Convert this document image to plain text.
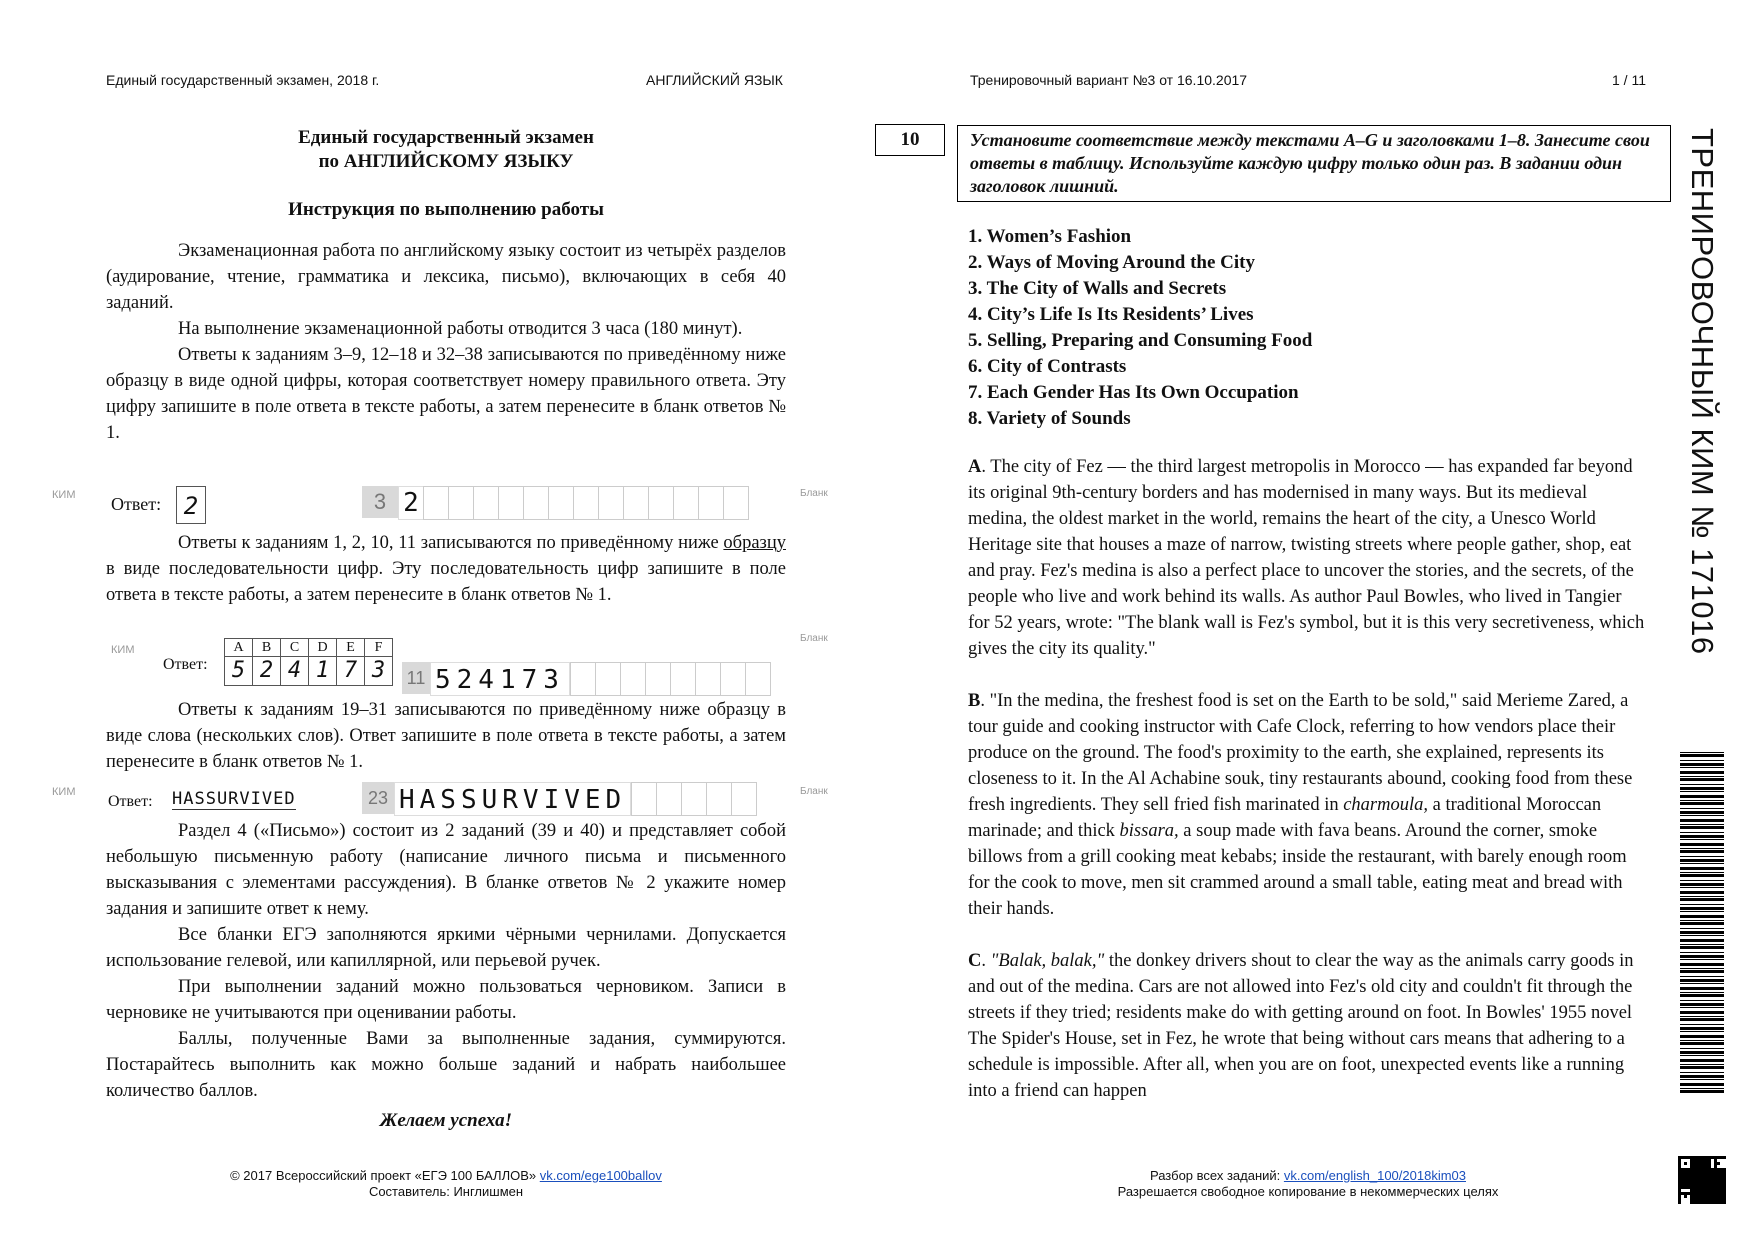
Единый государственный экзамен, 2018 г.	АНГЛИЙСКИЙ ЯЗЫК	Тренировочный вариант №3 от 16.10.2017	1 / 11
Единый государственный экзамен
по АНГЛИЙСКОМУ ЯЗЫКУ
Инструкция по выполнению работы

Экзаменационная работа по английскому языку состоит из четырёх разделов (аудирование, чтение, грамматика и лексика, письмо), включающих в себя 40 заданий.

На выполнение экзаменационной работы отводится 3 часа (180 минут).

Ответы к заданиям 3–9, 12–18 и 32–38 записываются по приведённому ниже образцу в виде одной цифры, которая соответствует номеру правильного ответа. Эту цифру запишите в поле ответа в тексте работы, а затем перенесите в бланк ответов № 1.

КИМ Ответ: 2	3 2	Бланк

Ответы к заданиям 1, 2, 10, 11 записываются по приведённому ниже образцу в виде последовательности цифр. Эту последовательность цифр запишите в поле ответа в тексте работы, а затем перенесите в бланк ответов № 1.

КИМ
Ответ:
A	B	C	D	E	F
5 2 4 1 7 3	11 524173
Бланк

Ответы к заданиям 19–31 записываются по приведённому ниже образцу в виде слова (нескольких слов). Ответ запишите в поле ответа в тексте работы, а затем перенесите в бланк ответов № 1.

КИМ
Ответ: HASSURVIVED	23 HASSURVIVED	Бланк

Раздел 4 («Письмо») состоит из 2 заданий (39 и 40) и представляет собой небольшую письменную работу (написание личного письма и письменного высказывания с элементами рассуждения). В бланке ответов № 2 укажите номер задания и запишите ответ к нему.

Все бланки ЕГЭ заполняются яркими чёрными чернилами. Допускается использование гелевой, или капиллярной, или перьевой ручек.

При выполнении заданий можно пользоваться черновиком. Записи в черновике не учитываются при оценивании работы.

Баллы, полученные Вами за выполненные задания, суммируются. Постарайтесь выполнить как можно больше заданий и набрать наибольшее количество баллов.

Желаем успеха!
© 2017 Всероссийский проект «ЕГЭ 100 БАЛЛОВ» vk.com/ege100ballov
Составитель: Инглишмен
10	Установите соответствие между текстами A–G и заголовками 1–8. Занесите свои ответы в таблицу. Используйте каждую цифру только один раз. В задании один заголовок лишний.
1. Women’s Fashion
2. Ways of Moving Around the City
3. The City of Walls and Secrets
4. City’s Life Is Its Residents’ Lives
5. Selling, Preparing and Consuming Food
6. City of Contrasts
7. Each Gender Has Its Own Occupation
8. Variety of Sounds

A. The city of Fez — the third largest metropolis in Morocco — has expanded far beyond its original 9th-century borders and has modernised in many ways. But its medieval medina, the oldest market in the world, remains the heart of the city, a Unesco World Heritage site that houses a maze of narrow, twisting streets where people gather, shop, eat and pray. Fez's medina is also a perfect place to uncover the stories, and the secrets, of the people who live and work behind its walls. As author Paul Bowles, who lived in Tangier for 52 years, wrote: "The blank wall is Fez's symbol, but it is this very secretiveness, which gives the city its quality."

B. "In the medina, the freshest food is set on the Earth to be sold," said Merieme Zared, a tour guide and cooking instructor with Cafe Clock, referring to how vendors place their produce on the ground. The food's proximity to the earth, she explained, represents its closeness to it. In the Al Achabine souk, tiny restaurants abound, cooking food from these fresh ingredients. They sell fried fish marinated in charmoula, a traditional Moroccan marinade; and thick bissara, a soup made with fava beans. Around the corner, smoke billows from a grill cooking meat kebabs; inside the restaurant, with barely enough room for the cook to move, men sit crammed around a small table, eating meat and bread with their hands.

C. "Balak, balak," the donkey drivers shout to clear the way as the animals carry goods in and out of the medina. Cars are not allowed into Fez's old city and couldn't fit through the streets if they tried; residents make do with getting around on foot. In Bowles' 1955 novel The Spider's House, set in Fez, he wrote that being without cars means that adhering to a schedule is impossible. After all, when you are on foot, unexpected events like a running into a friend can happen

Разбор всех заданий: vk.com/english_100/2018kim03
Разрешается свободное копирование в некоммерческих целях
ТРЕНИРОВОЧНЫЙ КИМ № 171016
